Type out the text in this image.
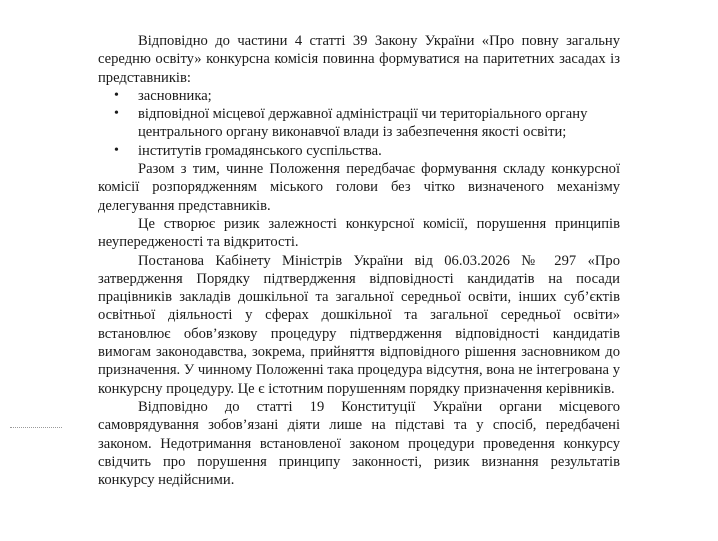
Відповідно до частини 4 статті 39 Закону України «Про повну загальну середню освіту» конкурсна комісія повинна формуватися на паритетних засадах із представників:

• засновника;
• відповідної місцевої державної адміністрації чи територіального органу центрального органу виконавчої влади із забезпечення якості освіти;
• інститутів громадянського суспільства.

Разом з тим, чинне Положення передбачає формування складу конкурсної комісії розпорядженням міського голови без чітко визначеного механізму делегування представників.

Це створює ризик залежності конкурсної комісії, порушення принципів неупередженості та відкритості.

Постанова Кабінету Міністрів України від 06.03.2026 № 297 «Про затвердження Порядку підтвердження відповідності кандидатів на посади працівників закладів дошкільної та загальної середньої освіти, інших суб’єктів освітньої діяльності у сферах дошкільної та загальної середньої освіти» встановлює обов’язкову процедуру підтвердження відповідності кандидатів вимогам законодавства, зокрема, прийняття відповідного рішення засновником до призначення. У чинному Положенні така процедура відсутня, вона не інтегрована у конкурсну процедуру. Це є істотним порушенням порядку призначення керівників.

Відповідно до статті 19 Конституції України органи місцевого самоврядування зобов’язані діяти лише на підставі та у спосіб, передбачені законом. Недотримання встановленої законом процедури проведення конкурсу свідчить про порушення принципу законності, ризик визнання результатів конкурсу недійсними.
